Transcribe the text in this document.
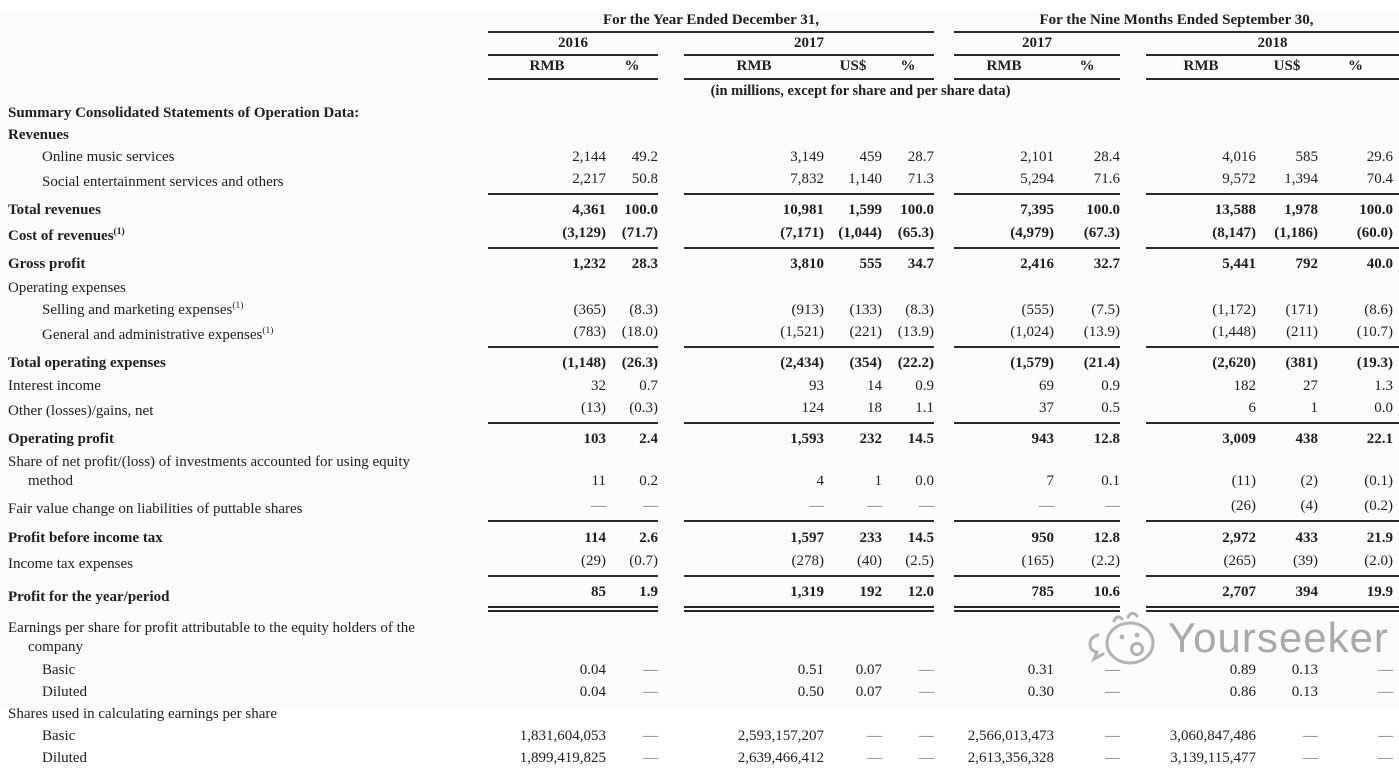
	For the Year Ended December 31,							For the Nine Months Ended September 30,					
	2016			2017				2017			2018		
	RMB	%		RMB	US$	%		RMB	%		RMB	US$	%
	(in millions, except for share and per share data)												
Summary Consolidated Statements of Operation Data:													
Revenues													
Online music services	2,144	49.2		3,149	459	28.7		2,101	28.4		4,016	585	29.6
Social entertainment services and others	2,217	50.8		7,832	1,140	71.3		5,294	71.6		9,572	1,394	70.4
Total revenues	4,361	100.0		10,981	1,599	100.0		7,395	100.0		13,588	1,978	100.0
Cost of revenues$^{(1)}$	(3,129)	(71.7)		(7,171)	(1,044)	(65.3)		(4,979)	(67.3)		(8,147)	(1,186)	(60.0)
Gross profit	1,232	28.3		3,810	555	34.7		2,416	32.7		5,441	792	40.0
Operating expenses													
Selling and marketing expenses$^{(1)}$	(365)	(8.3)		(913)	(133)	(8.3)		(555)	(7.5)		(1,172)	(171)	(8.6)
General and administrative expenses$^{(1)}$	(783)	(18.0)		(1,521)	(221)	(13.9)		(1,024)	(13.9)		(1,448)	(211)	(10.7)
Total operating expenses	(1,148)	(26.3)		(2,434)	(354)	(22.2)		(1,579)	(21.4)		(2,620)	(381)	(19.3)
Interest income	32	0.7		93	14	0.9		69	0.9		182	27	1.3
Other (losses)/gains, net	(13)	(0.3)		124	18	1.1		37	0.5		6	1	0.0
Operating profit	103	2.4		1,593	232	14.5		943	12.8		3,009	438	22.1
Share of net profit/(loss) of investments accounted for using equity
method	11	0.2		4	1	0.0		7	0.1		(11)	(2)	(0.1)
Fair value change on liabilities of puttable shares	—	—		—	—	—		—	—		(26)	(4)	(0.2)
Profit before income tax	114	2.6		1,597	233	14.5		950	12.8		2,972	433	21.9
Income tax expenses	(29)	(0.7)		(278)	(40)	(2.5)		(165)	(2.2)		(265)	(39)	(2.0)
Profit for the year/period	85	1.9		1,319	192	12.0		785	10.6		2,707	394	19.9
Earnings per share for profit attributable to the equity holders of the
company													

Basic	0.04	—		0.51	0.07	—		0.31	—		0.89	0.13	—
Diluted	0.04	—		0.50	0.07	—		0.30	—		0.86	0.13	—
Shares used in calculating earnings per share													
Basic	1,831,604,053	—		2,593,157,207	—	—		2,566,013,473	—		3,060,847,486	—	—
Diluted	1,899,419,825	—		2,639,466,412	—	—		2,613,356,328	—		3,139,115,477	—	—
Yourseeker
